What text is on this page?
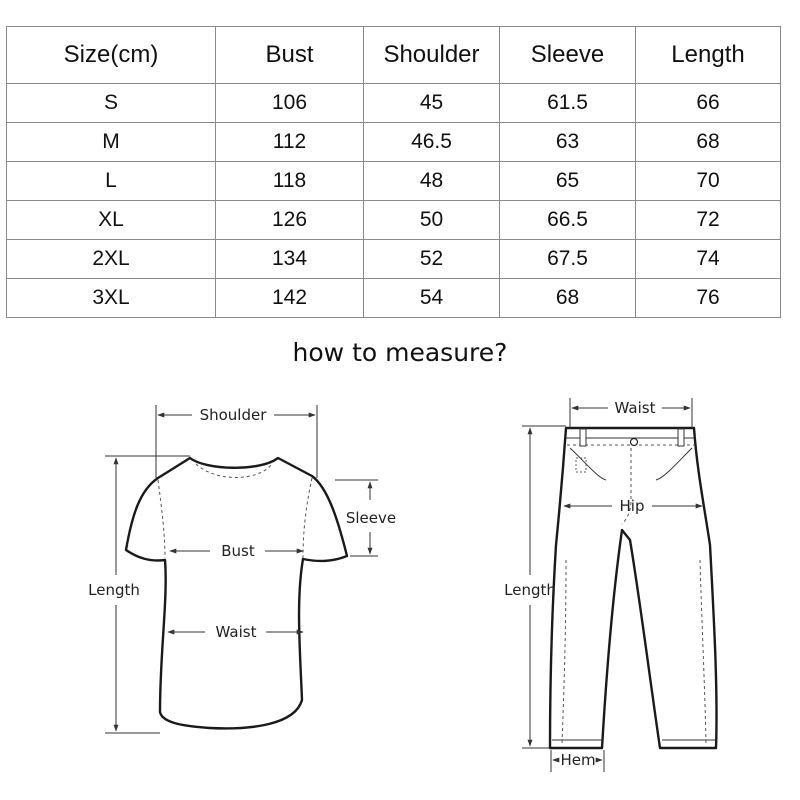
Size(cm)	Bust	Shoulder	Sleeve	Length
S	106	45	61.5	66
M	112	46.5	63	68
L	118	48	65	70
XL	126	50	66.5	72
2XL	134	52	67.5	74
3XL	142	54	68	76
how to measure?
Shoulder
Sleeve
Bust
Waist
Length
Waist
Hip
Length
Hem
